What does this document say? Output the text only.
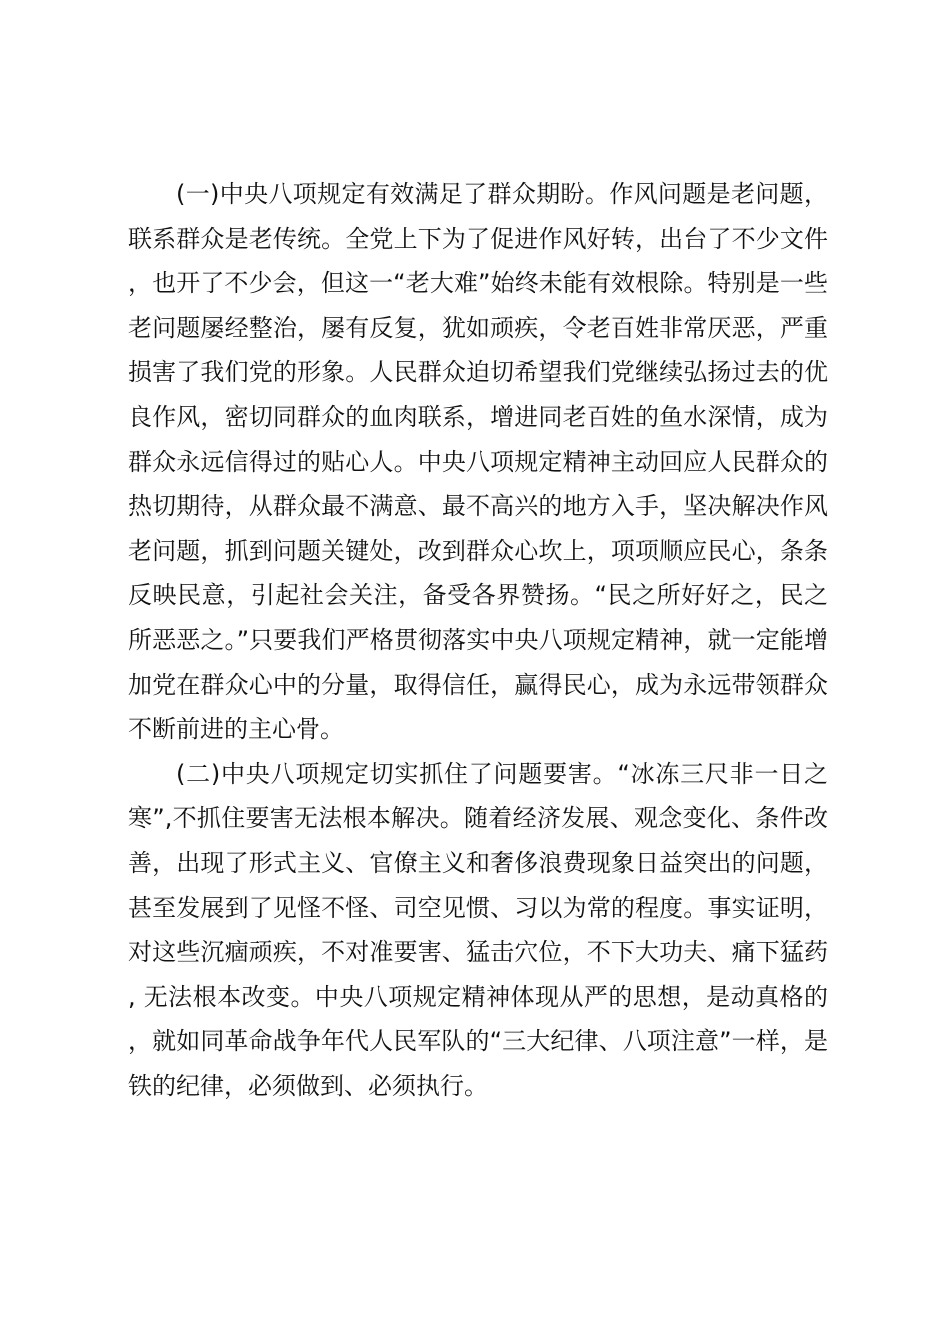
(一)中央八项规定有效满足了群众期盼。作风问题是老问题，联系群众是老传统。全党上下为了促进作风好转，出台了不少文件，也开了不少会，但这一“老大难”始终未能有效根除。特别是一些老问题屡经整治，屡有反复，犹如顽疾，令老百姓非常厌恶，严重损害了我们党的形象。人民群众迫切希望我们党继续弘扬过去的优良作风，密切同群众的血肉联系，增进同老百姓的鱼水深情，成为群众永远信得过的贴心人。中央八项规定精神主动回应人民群众的热切期待，从群众最不满意、最不高兴的地方入手，坚决解决作风老问题，抓到问题关键处，改到群众心坎上，项项顺应民心，条条反映民意，引起社会关注，备受各界赞扬。“民之所好好之，民之所恶恶之。”只要我们严格贯彻落实中央八项规定精神，就一定能增加党在群众心中的分量，取得信任，赢得民心，成为永远带领群众不断前进的主心骨。

(二)中央八项规定切实抓住了问题要害。“冰冻三尺非一日之寒”,不抓住要害无法根本解决。随着经济发展、观念变化、条件改善，出现了形式主义、官僚主义和奢侈浪费现象日益突出的问题，甚至发展到了见怪不怪、司空见惯、习以为常的程度。事实证明，对这些沉痼顽疾，不对准要害、猛击穴位，不下大功夫、痛下猛药, 无法根本改变。中央八项规定精神体现从严的思想，是动真格的，就如同革命战争年代人民军队的“三大纪律、八项注意”一样，是铁的纪律，必须做到、必须执行。
